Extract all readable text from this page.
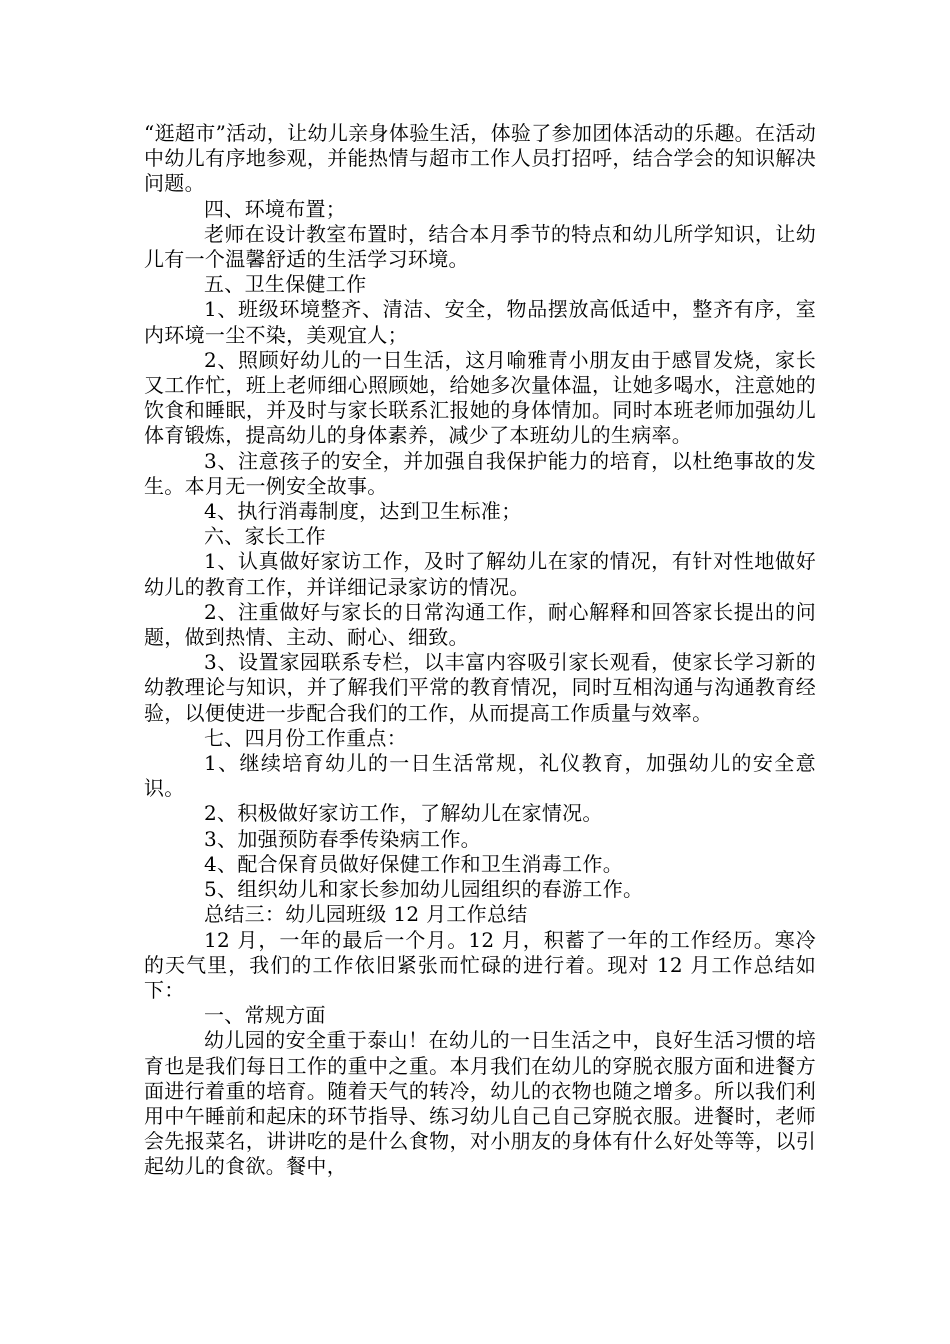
“逛超市”活动，让幼儿亲身体验生活，体验了参加团体活动的乐趣。在活动中幼儿有序地参观，并能热情与超市工作人员打招呼，结合学会的知识解决问题。

四、环境布置；

老师在设计教室布置时，结合本月季节的特点和幼儿所学知识，让幼儿有一个温馨舒适的生活学习环境。

五、卫生保健工作

1、班级环境整齐、清洁、安全，物品摆放高低适中，整齐有序，室内环境一尘不染，美观宜人；

2、照顾好幼儿的一日生活，这月喻雅青小朋友由于感冒发烧，家长又工作忙，班上老师细心照顾她，给她多次量体温，让她多喝水，注意她的饮食和睡眠，并及时与家长联系汇报她的身体情加。同时本班老师加强幼儿体育锻炼，提高幼儿的身体素养，减少了本班幼儿的生病率。

3、注意孩子的安全，并加强自我保护能力的培育，以杜绝事故的发生。本月无一例安全故事。

4、执行消毒制度，达到卫生标准；

六、家长工作

1、认真做好家访工作，及时了解幼儿在家的情况，有针对性地做好幼儿的教育工作，并详细记录家访的情况。

2、注重做好与家长的日常沟通工作，耐心解释和回答家长提出的问题，做到热情、主动、耐心、细致。

3、设置家园联系专栏，以丰富内容吸引家长观看，使家长学习新的幼教理论与知识，并了解我们平常的教育情况，同时互相沟通与沟通教育经验，以便使进一步配合我们的工作，从而提高工作质量与效率。

七、四月份工作重点：

1、继续培育幼儿的一日生活常规，礼仪教育，加强幼儿的安全意识。

2、积极做好家访工作，了解幼儿在家情况。

3、加强预防春季传染病工作。

4、配合保育员做好保健工作和卫生消毒工作。

5、组织幼儿和家长参加幼儿园组织的春游工作。

总结三：幼儿园班级 12 月工作总结

12 月，一年的最后一个月。12 月，积蓄了一年的工作经历。寒冷的天气里，我们的工作依旧紧张而忙碌的进行着。现对 12 月工作总结如下：

一、常规方面

幼儿园的安全重于泰山！在幼儿的一日生活之中，良好生活习惯的培育也是我们每日工作的重中之重。本月我们在幼儿的穿脱衣服方面和进餐方面进行着重的培育。随着天气的转冷，幼儿的衣物也随之增多。所以我们利用中午睡前和起床的环节指导、练习幼儿自己自己穿脱衣服。进餐时，老师会先报菜名，讲讲吃的是什么食物，对小朋友的身体有什么好处等等，以引起幼儿的食欲。餐中，
